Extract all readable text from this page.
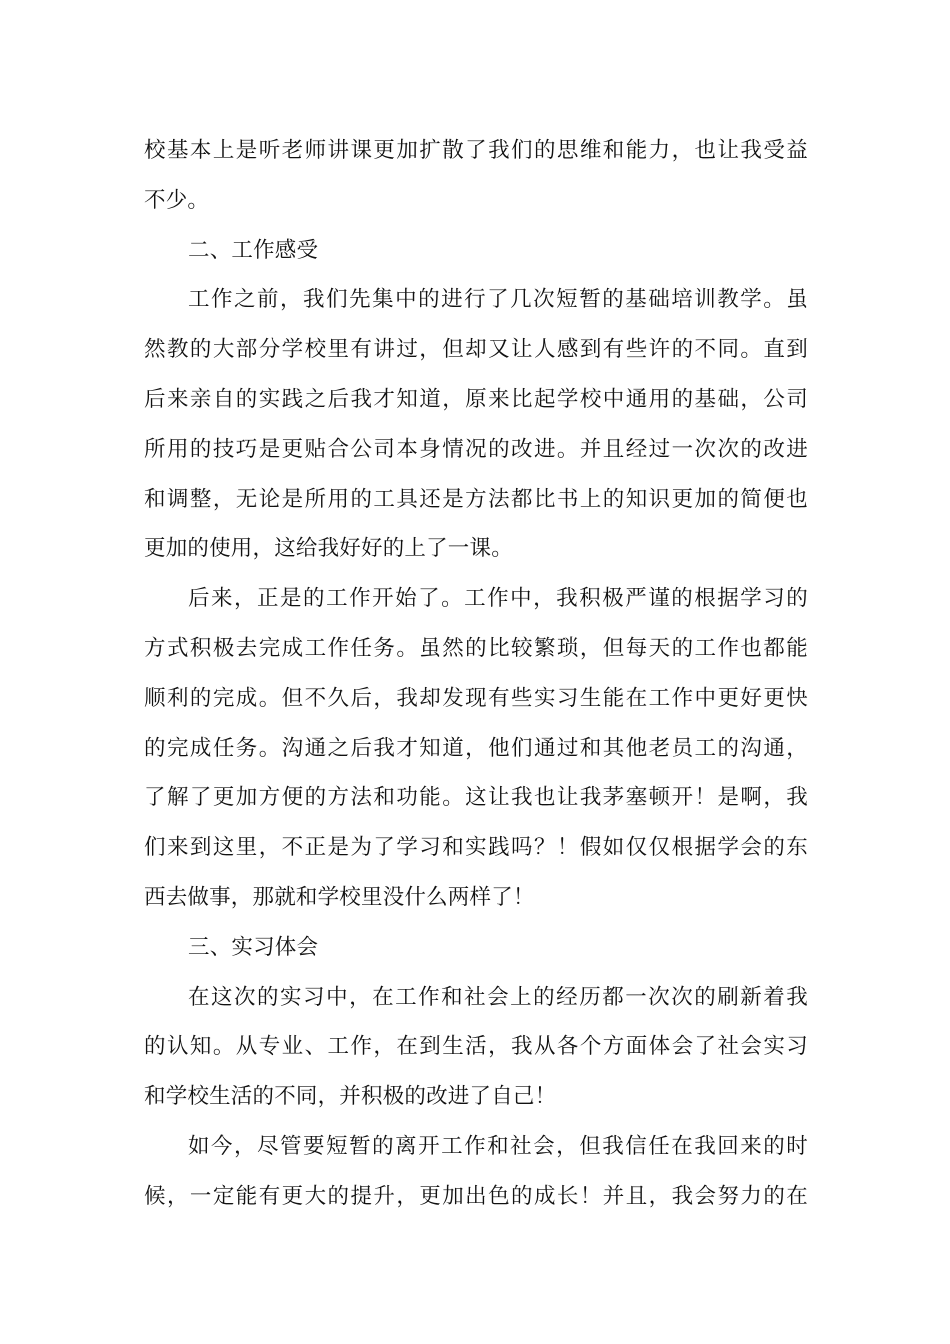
校基本上是听老师讲课更加扩散了我们的思维和能力，也让我受益
不少。
二、工作感受
工作之前，我们先集中的进行了几次短暂的基础培训教学。虽
然教的大部分学校里有讲过，但却又让人感到有些许的不同。直到
后来亲自的实践之后我才知道，原来比起学校中通用的基础，公司
所用的技巧是更贴合公司本身情况的改进。并且经过一次次的改进
和调整，无论是所用的工具还是方法都比书上的知识更加的简便也
更加的使用，这给我好好的上了一课。
后来，正是的工作开始了。工作中，我积极严谨的根据学习的
方式积极去完成工作任务。虽然的比较繁琐，但每天的工作也都能
顺利的完成。但不久后，我却发现有些实习生能在工作中更好更快
的完成任务。沟通之后我才知道，他们通过和其他老员工的沟通，
了解了更加方便的方法和功能。这让我也让我茅塞顿开！是啊，我
们来到这里，不正是为了学习和实践吗？！假如仅仅根据学会的东
西去做事，那就和学校里没什么两样了！
三、实习体会
在这次的实习中，在工作和社会上的经历都一次次的刷新着我
的认知。从专业、工作，在到生活，我从各个方面体会了社会实习
和学校生活的不同，并积极的改进了自己！
如今，尽管要短暂的离开工作和社会，但我信任在我回来的时
候，一定能有更大的提升，更加出色的成长！并且，我会努力的在
